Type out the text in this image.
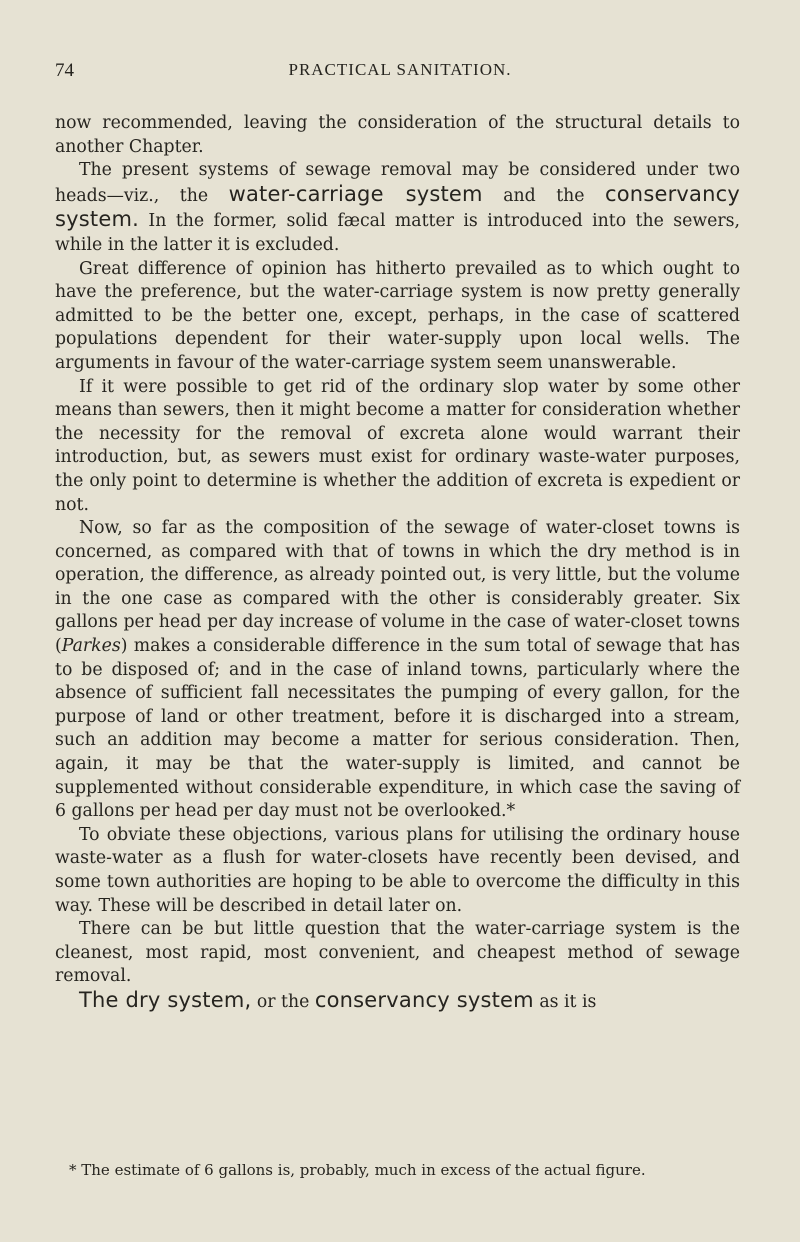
74	PRACTICAL SANITATION.

now recommended, leaving the consideration of the structural details to another Chapter.

The present systems of sewage removal may be considered under two heads—viz., the water-carriage system and the conservancy system. In the former, solid fæcal matter is introduced into the sewers, while in the latter it is excluded.

Great difference of opinion has hitherto prevailed as to which ought to have the preference, but the water-carriage system is now pretty generally admitted to be the better one, except, perhaps, in the case of scattered populations dependent for their water-supply upon local wells. The arguments in favour of the water-carriage system seem unanswerable.

If it were possible to get rid of the ordinary slop water by some other means than sewers, then it might become a matter for consideration whether the necessity for the removal of excreta alone would warrant their introduction, but, as sewers must exist for ordinary waste-water purposes, the only point to determine is whether the addition of excreta is expedient or not.

Now, so far as the composition of the sewage of water-closet towns is concerned, as compared with that of towns in which the dry method is in operation, the difference, as already pointed out, is very little, but the volume in the one case as compared with the other is considerably greater. Six gallons per head per day increase of volume in the case of water-closet towns (Parkes) makes a considerable difference in the sum total of sewage that has to be disposed of; and in the case of inland towns, particularly where the absence of sufficient fall necessitates the pumping of every gallon, for the purpose of land or other treatment, before it is discharged into a stream, such an addition may become a matter for serious consideration. Then, again, it may be that the water-supply is limited, and cannot be supplemented without considerable expenditure, in which case the saving of 6 gallons per head per day must not be overlooked.*

To obviate these objections, various plans for utilising the ordinary house waste-water as a flush for water-closets have recently been devised, and some town authorities are hoping to be able to overcome the difficulty in this way. These will be described in detail later on.

There can be but little question that the water-carriage system is the cleanest, most rapid, most convenient, and cheapest method of sewage removal.

The dry system, or the conservancy system as it is

* The estimate of 6 gallons is, probably, much in excess of the actual figure.
